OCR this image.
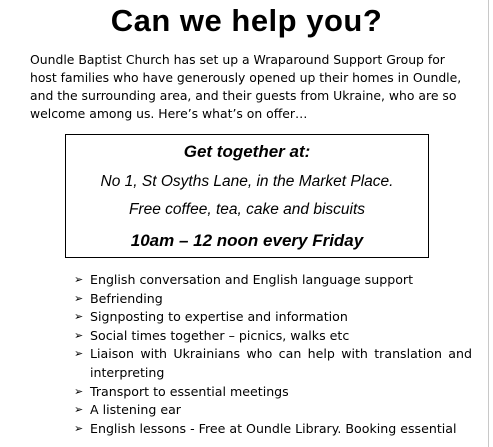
Can we help you?

Oundle Baptist Church has set up a Wraparound Support Group for host families who have generously opened up their homes in Oundle, and the surrounding area, and their guests from Ukraine, who are so welcome among us. Here’s what’s on offer…

Get together at:
No 1, St Osyths Lane, in the Market Place.
Free coffee, tea, cake and biscuits
10am – 12 noon every Friday
➢ English conversation and English language support
➢ Befriending
➢ Signposting to expertise and information
➢ Social times together – picnics, walks etc
➢ Liaison with Ukrainians who can help with translation and interpreting
➢ Transport to essential meetings
➢ A listening ear
➢ English lessons - Free at Oundle Library. Booking essential
